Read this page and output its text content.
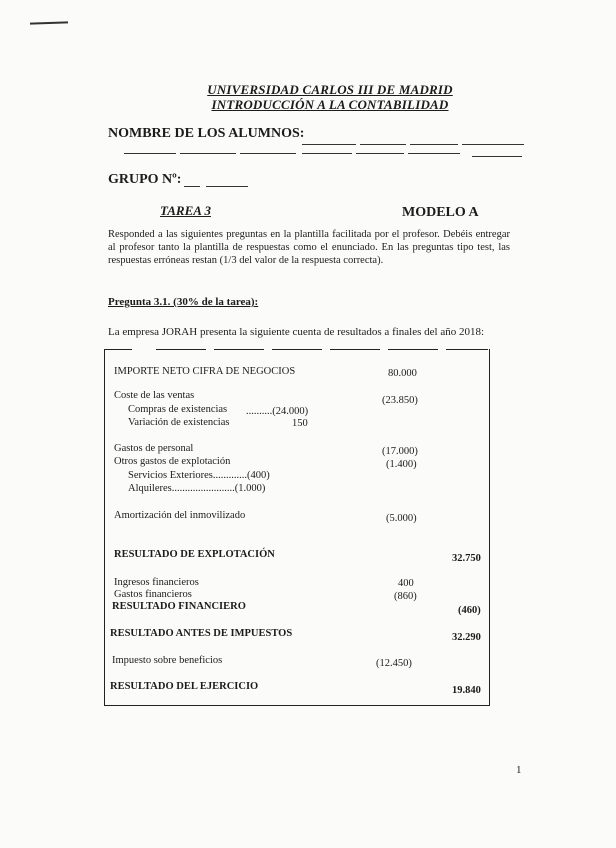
UNIVERSIDAD CARLOS III DE MADRID
INTRODUCCIÓN A LA CONTABILIDAD
NOMBRE DE LOS ALUMNOS:
GRUPO Nº:
TAREA 3	MODELO A
Responded a las siguientes preguntas en la plantilla facilitada por el profesor. Debéis entregar al profesor tanto la plantilla de respuestas como el enunciado. En las preguntas tipo test, las respuestas erróneas restan (1/3 del valor de la respuesta correcta).
Pregunta 3.1. (30% de la tarea):
La empresa JORAH presenta la siguiente cuenta de resultados a finales del año 2018:
IMPORTE NETO CIFRA DE NEGOCIOS	80.000
Coste de las ventas	(23.850)
Compras de existencias ..........(24.000)
Variación de existencias	150
Gastos de personal	(17.000)
Otros gastos de explotación	(1.400)
Servicios Exteriores.............(400)
Alquileres........................(1.000)
Amortización del inmovilizado	(5.000)
RESULTADO DE EXPLOTACIÓN	32.750
Ingresos financieros	400
Gastos financieros	(860)
RESULTADO FINANCIERO	(460)
RESULTADO ANTES DE IMPUESTOS	32.290
Impuesto sobre beneficios	(12.450)
RESULTADO DEL EJERCICIO	19.840
1
